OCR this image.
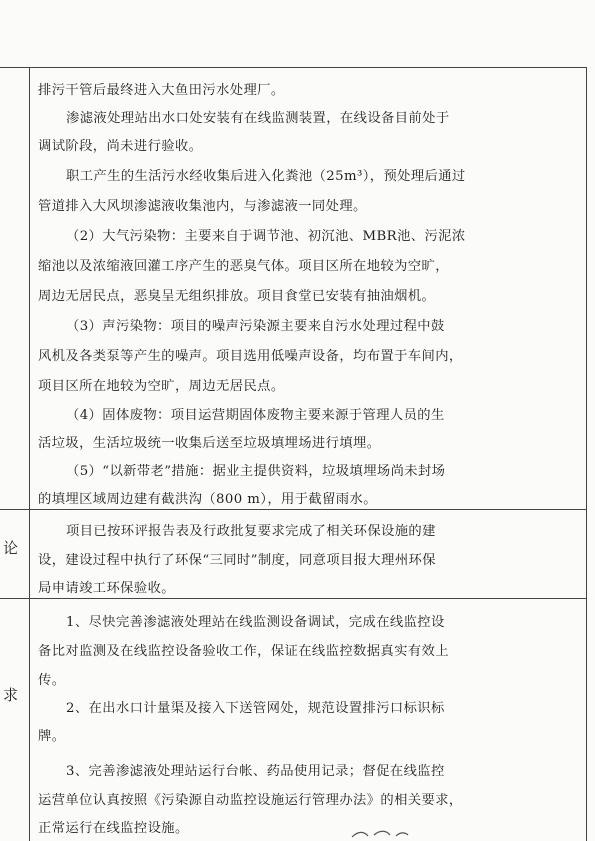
论
求
排污干管后最终进入大鱼田污水处理厂。
渗滤液处理站出水口处安装有在线监测装置，在线设备目前处于
调试阶段，尚未进行验收。
职工产生的生活污水经收集后进入化粪池（25m³），预处理后通过
管道排入大风坝渗滤液收集池内，与渗滤液一同处理。
（2）大气污染物：主要来自于调节池、初沉池、MBR池、污泥浓
缩池以及浓缩液回灌工序产生的恶臭气体。项目区所在地较为空旷，
周边无居民点，恶臭呈无组织排放。项目食堂已安装有抽油烟机。
（3）声污染物：项目的噪声污染源主要来自污水处理过程中鼓
风机及各类泵等产生的噪声。项目选用低噪声设备，均布置于车间内，
项目区所在地较为空旷，周边无居民点。
（4）固体废物：项目运营期固体废物主要来源于管理人员的生
活垃圾，生活垃圾统一收集后送至垃圾填埋场进行填埋。
（5）“以新带老”措施：据业主提供资料，垃圾填埋场尚未封场
的填埋区域周边建有截洪沟（800 m），用于截留雨水。
项目已按环评报告表及行政批复要求完成了相关环保设施的建
设，建设过程中执行了环保“三同时”制度，同意项目报大理州环保
局申请竣工环保验收。
1、尽快完善渗滤液处理站在线监测设备调试，完成在线监控设
备比对监测及在线监控设备验收工作，保证在线监控数据真实有效上
传。
2、在出水口计量渠及接入下送管网处，规范设置排污口标识标
牌。
3、完善渗滤液处理站运行台帐、药品使用记录；督促在线监控
运营单位认真按照《污染源自动监控设施运行管理办法》的相关要求，
正常运行在线监控设施。
